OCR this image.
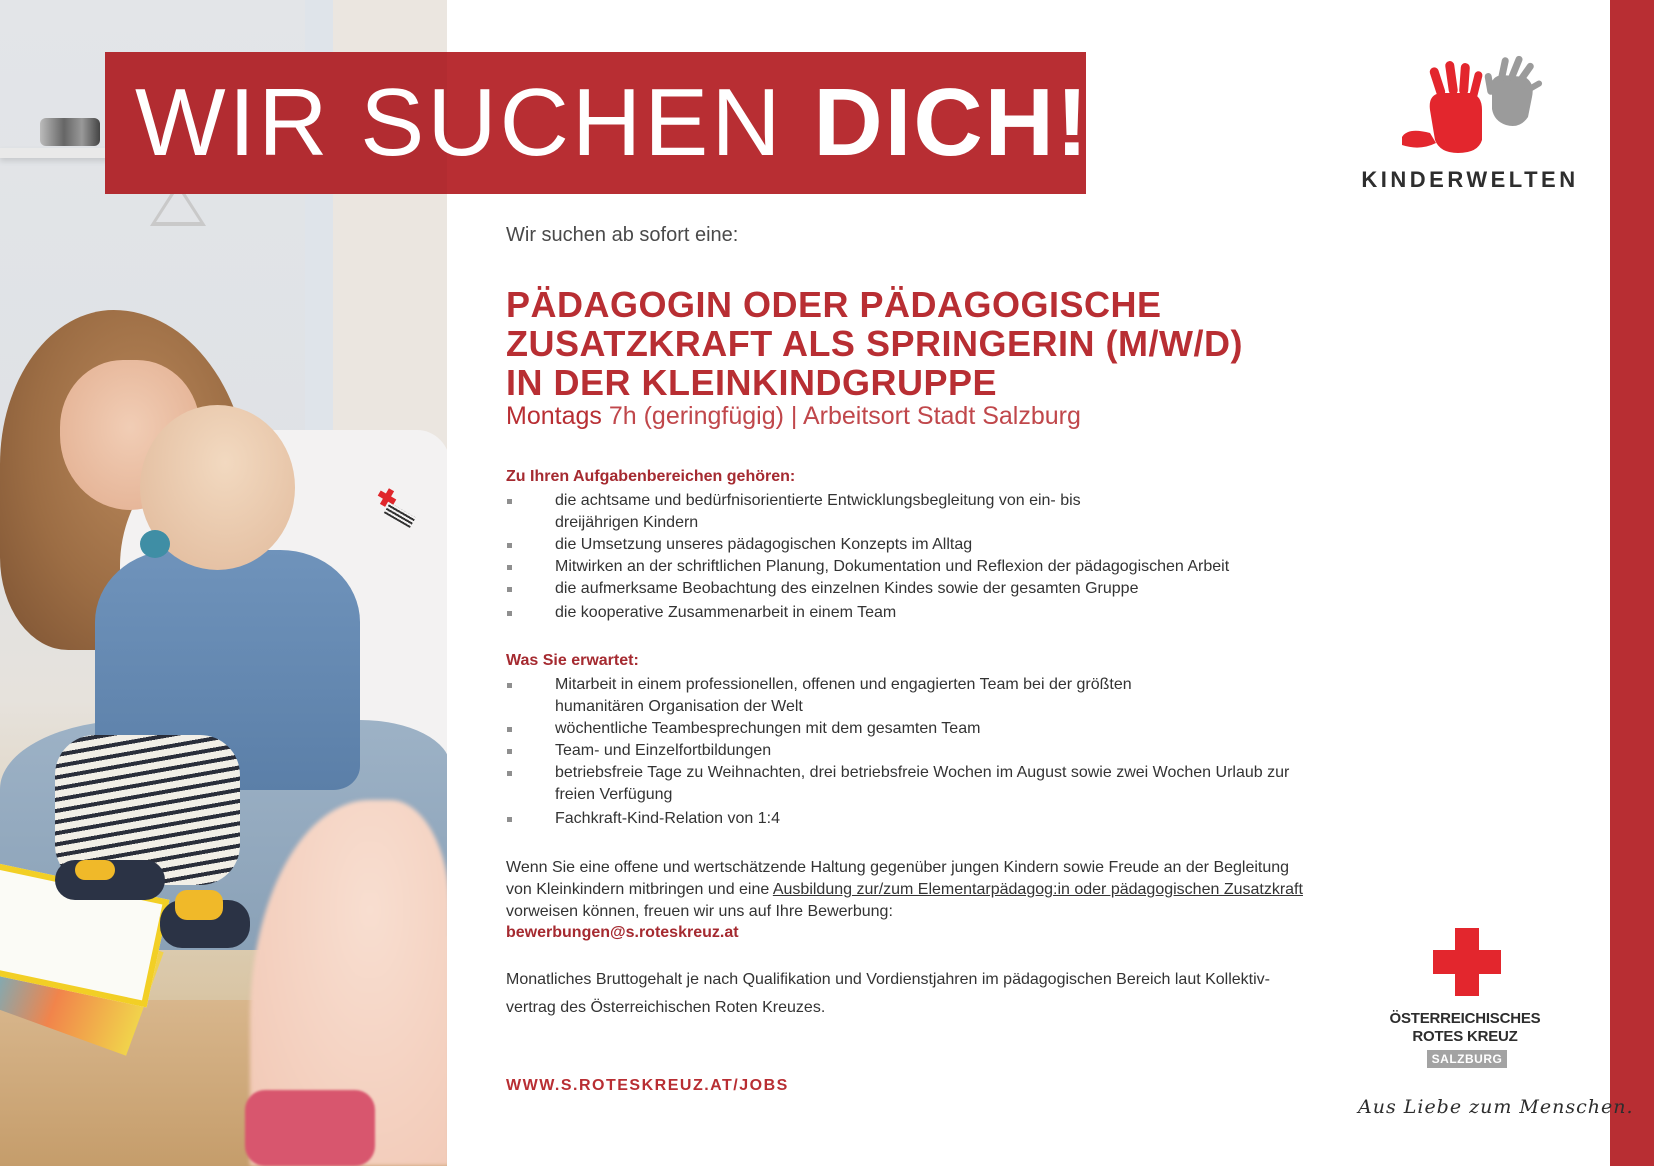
WIR SUCHEN DICH!
KINDERWELTEN
Wir suchen ab sofort eine:
PÄDAGOGIN ODER PÄDAGOGISCHE
ZUSATZKRAFT ALS SPRINGERIN (M/W/D)
IN DER KLEINKINDGRUPPE
Montags 7h (geringfügig) | Arbeitsort Stadt Salzburg
Zu Ihren Aufgabenbereichen gehören:
die achtsame und bedürfnisorientierte Entwicklungsbegleitung von ein- bis
dreijährigen Kindern
die Umsetzung unseres pädagogischen Konzepts im Alltag
Mitwirken an der schriftlichen Planung, Dokumentation und Reflexion der pädagogischen Arbeit
die aufmerksame Beobachtung des einzelnen Kindes sowie der gesamten Gruppe
die kooperative Zusammenarbeit in einem Team
Was Sie erwartet:
Mitarbeit in einem professionellen, offenen und engagierten Team bei der größten
humanitären Organisation der Welt
wöchentliche Teambesprechungen mit dem gesamten Team
Team- und Einzelfortbildungen
betriebsfreie Tage zu Weihnachten, drei betriebsfreie Wochen im August sowie zwei Wochen Urlaub zur
freien Verfügung
Fachkraft-Kind-Relation von 1:4
Wenn Sie eine offene und wertschätzende Haltung gegenüber jungen Kindern sowie Freude an der Begleitung
von Kleinkindern mitbringen und eine Ausbildung zur/zum Elementarpädagog:in oder pädagogischen Zusatzkraft
vorweisen können, freuen wir uns auf Ihre Bewerbung:
bewerbungen@s.roteskreuz.at
Monatliches Bruttogehalt je nach Qualifikation und Vordienstjahren im pädagogischen Bereich laut Kollektiv-
vertrag des Österreichischen Roten Kreuzes.
WWW.S.ROTESKREUZ.AT/JOBS
ÖSTERREICHISCHES
ROTES KREUZ
SALZBURG
Aus Liebe zum Menschen.
